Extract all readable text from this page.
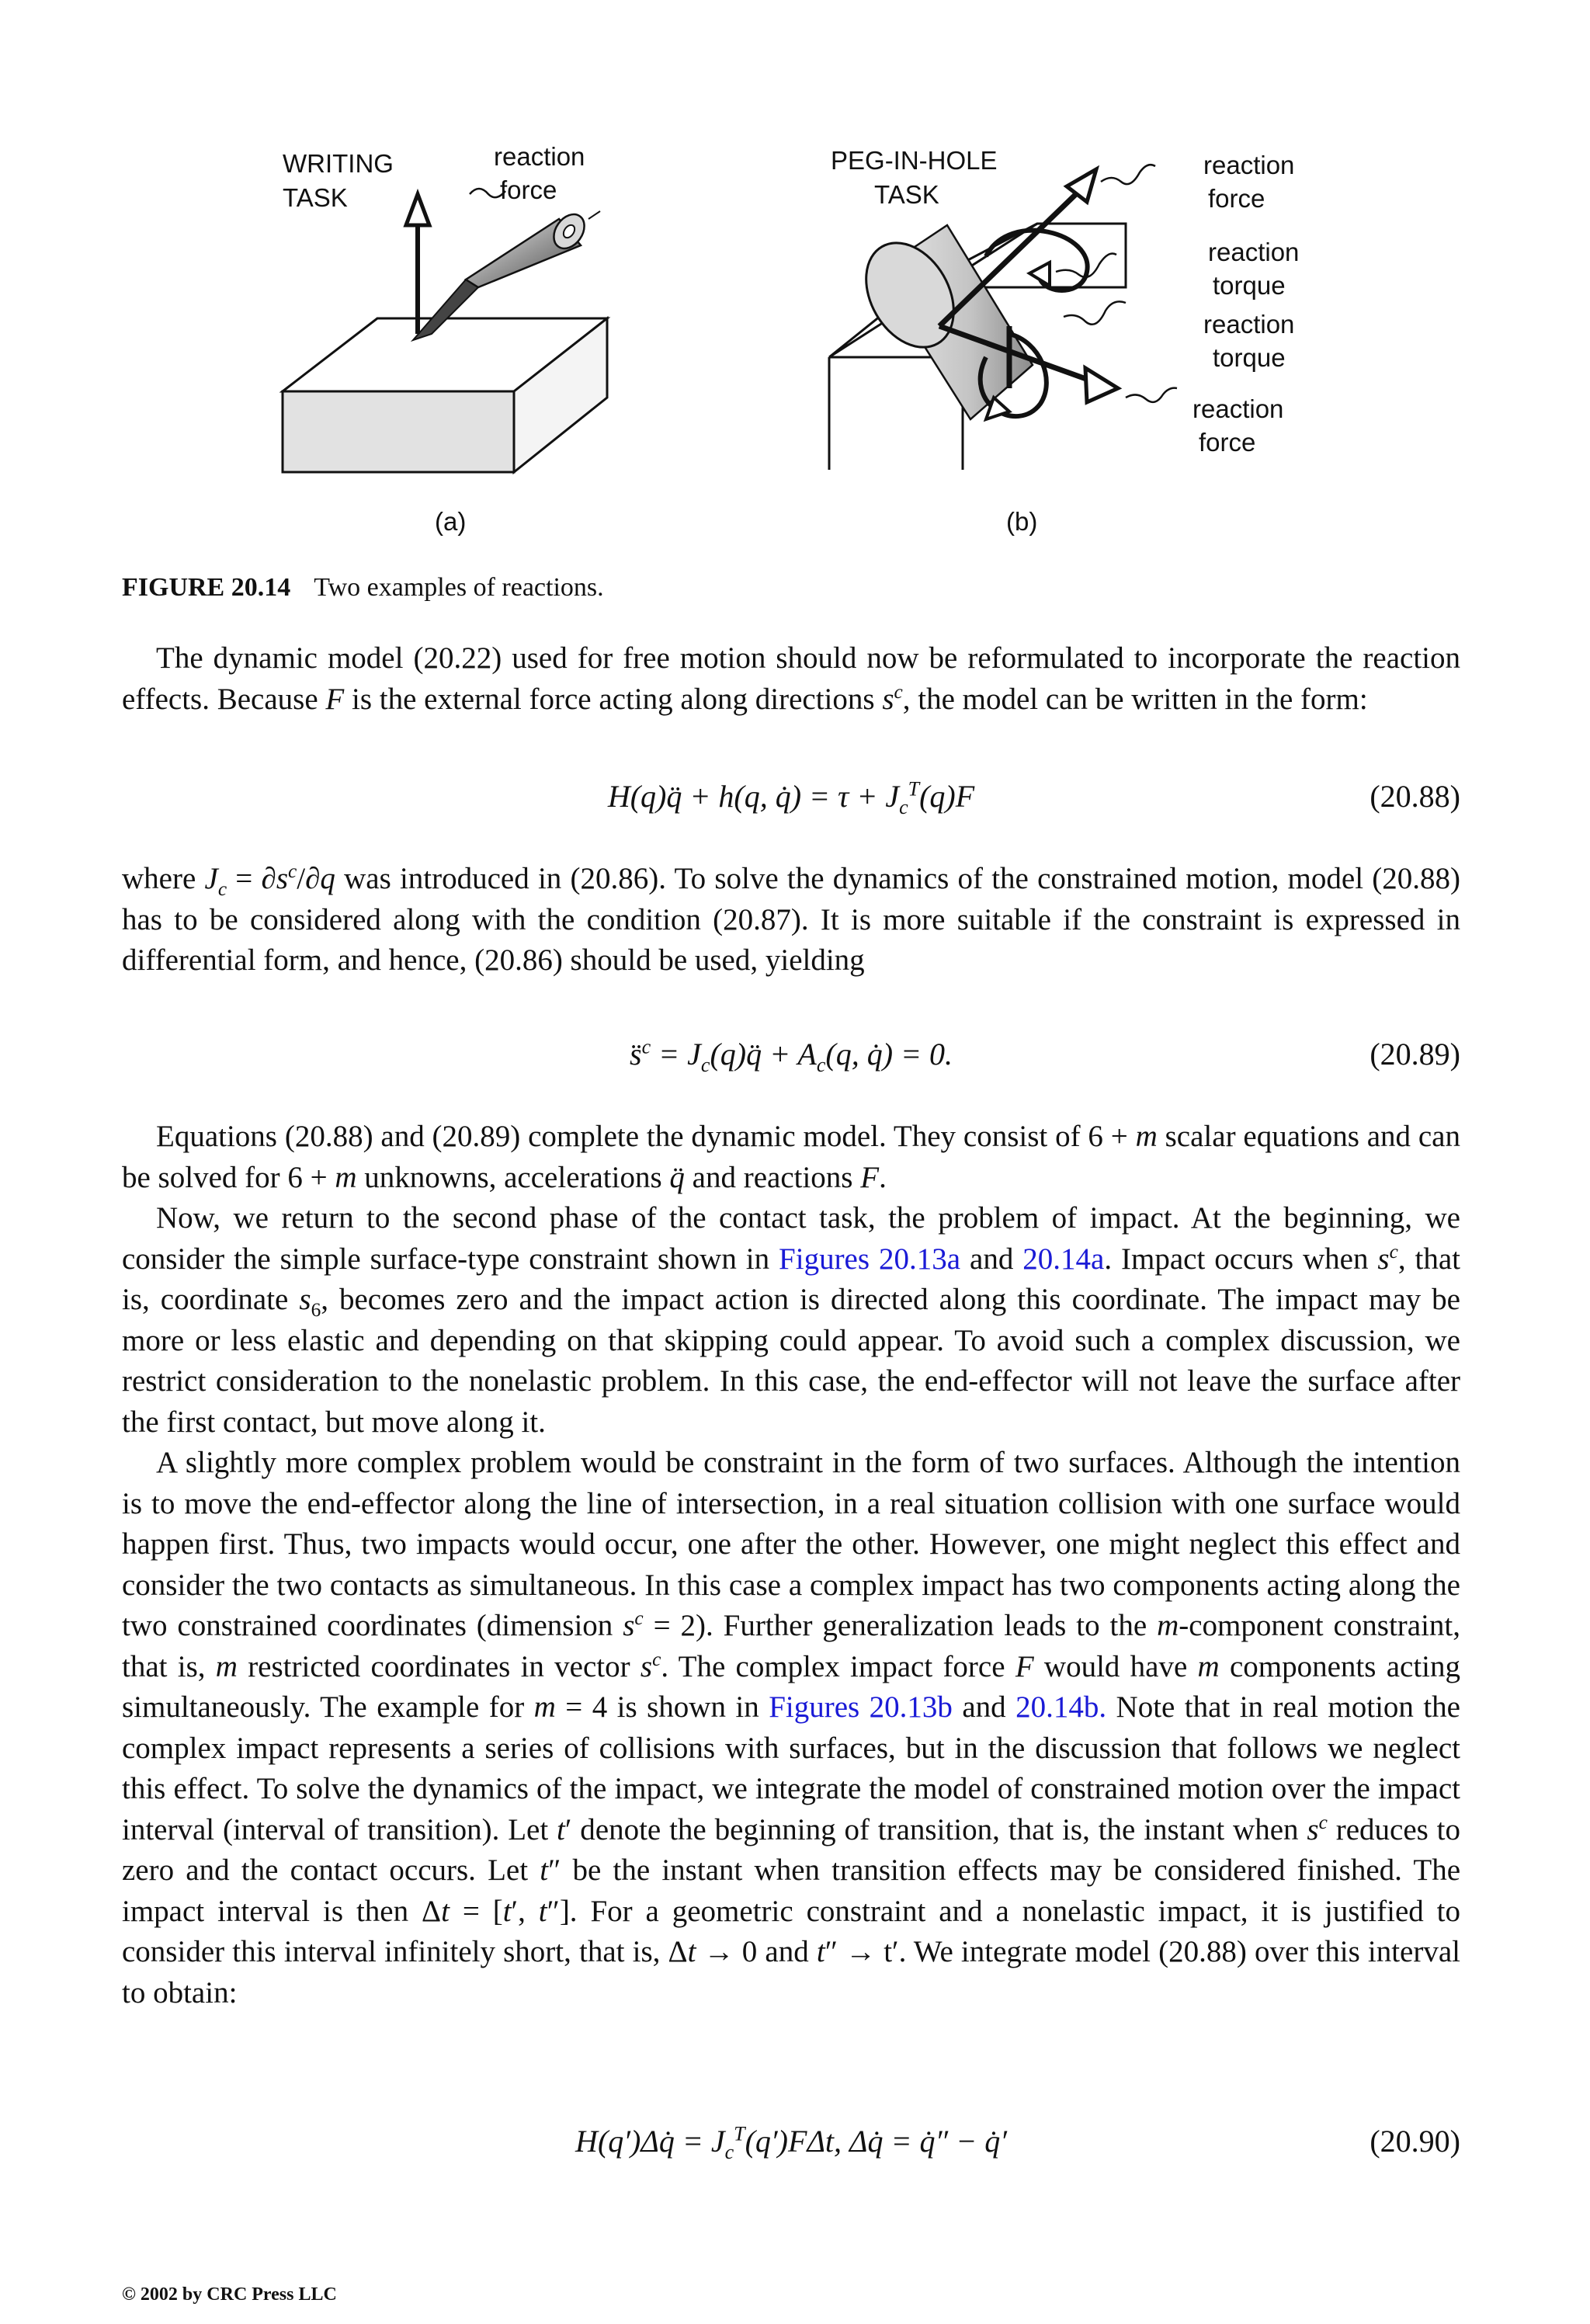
WRITING
TASK
reaction
force
(a)
PEG-IN-HOLE
TASK
reaction
force
reaction
torque
reaction
torque
reaction
force
(b)
FIGURE 20.14 Two examples of reactions.

The dynamic model (20.22) used for free motion should now be reformulated to incorporate the reaction effects. Because F is the external force acting along directions $s^c$, the model can be written in the form:

H(q)q̈ + h(q, q̇) = $\tau + J_c^T(q)F$	(20.88)

where $J_c = \partial s^c/\partial q$ was introduced in (20.86). To solve the dynamics of the constrained motion, model (20.88) has to be considered along with the condition (20.87). It is more suitable if the constraint is expressed in differential form, and hence, (20.86) should be used, yielding

s̈$^c$ = $J_c(q)q̈ + A_c(q$, q̇) = 0.	(20.89)

Equations (20.88) and (20.89) complete the dynamic model. They consist of 6 + m scalar equations and can be solved for 6 + m unknowns, accelerations q̈ and reactions F.

Now, we return to the second phase of the contact task, the problem of impact. At the beginning, we consider the simple surface-type constraint shown in Figures 20.13a and 20.14a. Impact occurs when $s^c$, that is, coordinate $s_6$, becomes zero and the impact action is directed along this coordinate. The impact may be more or less elastic and depending on that skipping could appear. To avoid such a complex discussion, we restrict consideration to the nonelastic problem. In this case, the end-effector will not leave the surface after the first contact, but move along it.

A slightly more complex problem would be constraint in the form of two surfaces. Although the intention is to move the end-effector along the line of intersection, in a real situation collision with one surface would happen first. Thus, two impacts would occur, one after the other. However, one might neglect this effect and consider the two contacts as simultaneous. In this case a complex impact has two components acting along the two constrained coordinates (dimension $s^c = 2$). Further generalization leads to the m-component constraint, that is, m restricted coordinates in vector $s^c$. The complex impact force F would have m components acting simultaneously. The example for m = 4 is shown in Figures 20.13b and 20.14b. Note that in real motion the complex impact represents a series of collisions with surfaces, but in the discussion that follows we neglect this effect. To solve the dynamics of the impact, we integrate the model of constrained motion over the impact interval (interval of transition). Let t′ denote the beginning of transition, that is, the instant when $s^c$ reduces to zero and the contact occurs. Let t″ be the instant when transition effects may be considered finished. The impact interval is then Δt = [t′, t″]. For a geometric constraint and a nonelastic impact, it is justified to consider this interval infinitely short, that is, Δt → 0 and t″ → t′. We integrate model (20.88) over this interval to obtain:

H(q′)Δq̇ = $J_c^T(q')F\Delta t$, Δq̇ = q̇″ − q̇′	(20.90)
© 2002 by CRC Press LLC
